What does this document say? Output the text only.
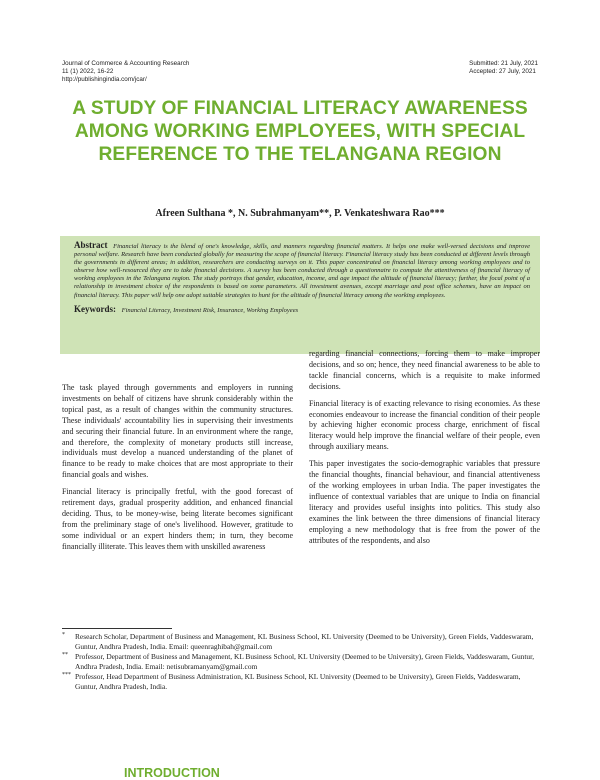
Journal of Commerce & Accounting Research
11 (1) 2022, 16-22
http://publishingindia.com/jcar/
Submitted: 21 July, 2021
Accepted: 27 July, 2021
A STUDY OF FINANCIAL LITERACY AWARENESS AMONG WORKING EMPLOYEES, WITH SPECIAL REFERENCE TO THE TELANGANA REGION
Afreen Sulthana *, N. Subrahmanyam**, P. Venkateshwara Rao***
Abstract Financial literacy is the blend of one's knowledge, skills, and manners regarding financial matters. It helps one make well-versed decisions and improve personal welfare. Research have been conducted globally for measuring the scope of financial literacy. Financial literacy study has been conducted at different levels through the governments in different areas; in addition, researchers are conducting surveys on it. This paper concentrated on financial literacy among working employees and to observe how well-resourced they are to take financial decisions. A survey has been conducted through a questionnaire to compute the attentiveness of financial literacy of working employees in the Telangana region. The study portrays that gender, education, income, and age impact the altitude of financial literacy; further, the focal point of a relationship in investment choice of the respondents is based on some parameters. All investment avenues, except marriage and post office schemes, have an impact on financial literacy. This paper will help one adopt suitable strategies to hunt for the altitude of financial literacy among the working employees.
Keywords: Financial Literacy, Investment Risk, Insurance, Working Employees
INTRODUCTION

The task played through governments and employers in running investments on behalf of citizens have shrunk considerably within the topical past, as a result of changes within the community structures. These individuals' accountability lies in supervising their investments and securing their financial future. In an environment where the range, and therefore, the complexity of monetary products still increase, individuals must develop a nuanced understanding of the planet of finance to be ready to make choices that are most appropriate to their financial goals and wishes.

Financial literacy is principally fretful, with the good forecast of retirement days, gradual prosperity addition, and enhanced financial deciding. Thus, to be money-wise, being literate becomes significant from the preliminary stage of one's livelihood. However, gratitude to some individual or an expert hinders them; in turn, they become financially illiterate. This leaves them with unskilled awareness

regarding financial connections, forcing them to make improper decisions, and so on; hence, they need financial awareness to be able to tackle financial concerns, which is a requisite to make informed decisions.

Financial literacy is of exacting relevance to rising economies. As these economies endeavour to increase the financial condition of their people by achieving higher economic process charge, enrichment of fiscal literacy would help improve the financial welfare of their people, even through auxiliary means.

This paper investigates the socio-demographic variables that pressure the financial thoughts, financial behaviour, and financial attentiveness of the working employees in urban India. The paper investigates the influence of contextual variables that are unique to India on financial literacy and provides useful insights into politics. This study also examines the link between the three dimensions of financial literacy employing a new methodology that is free from the power of the attributes of the respondents, and also

* Research Scholar, Department of Business and Management, KL Business School, KL University (Deemed to be University), Green Fields, Vaddeswaram, Guntur, Andhra Pradesh, India. Email: queenraghibah@gmail.com
** Professor, Department of Business and Management, KL Business School, KL University (Deemed to be University), Green Fields, Vaddeswaram, Guntur, Andhra Pradesh, India. Email: netisubramanyam@gmail.com
*** Professor, Head Department of Business Administration, KL Business School, KL University (Deemed to be University), Green Fields, Vaddeswaram, Guntur, Andhra Pradesh, India.
